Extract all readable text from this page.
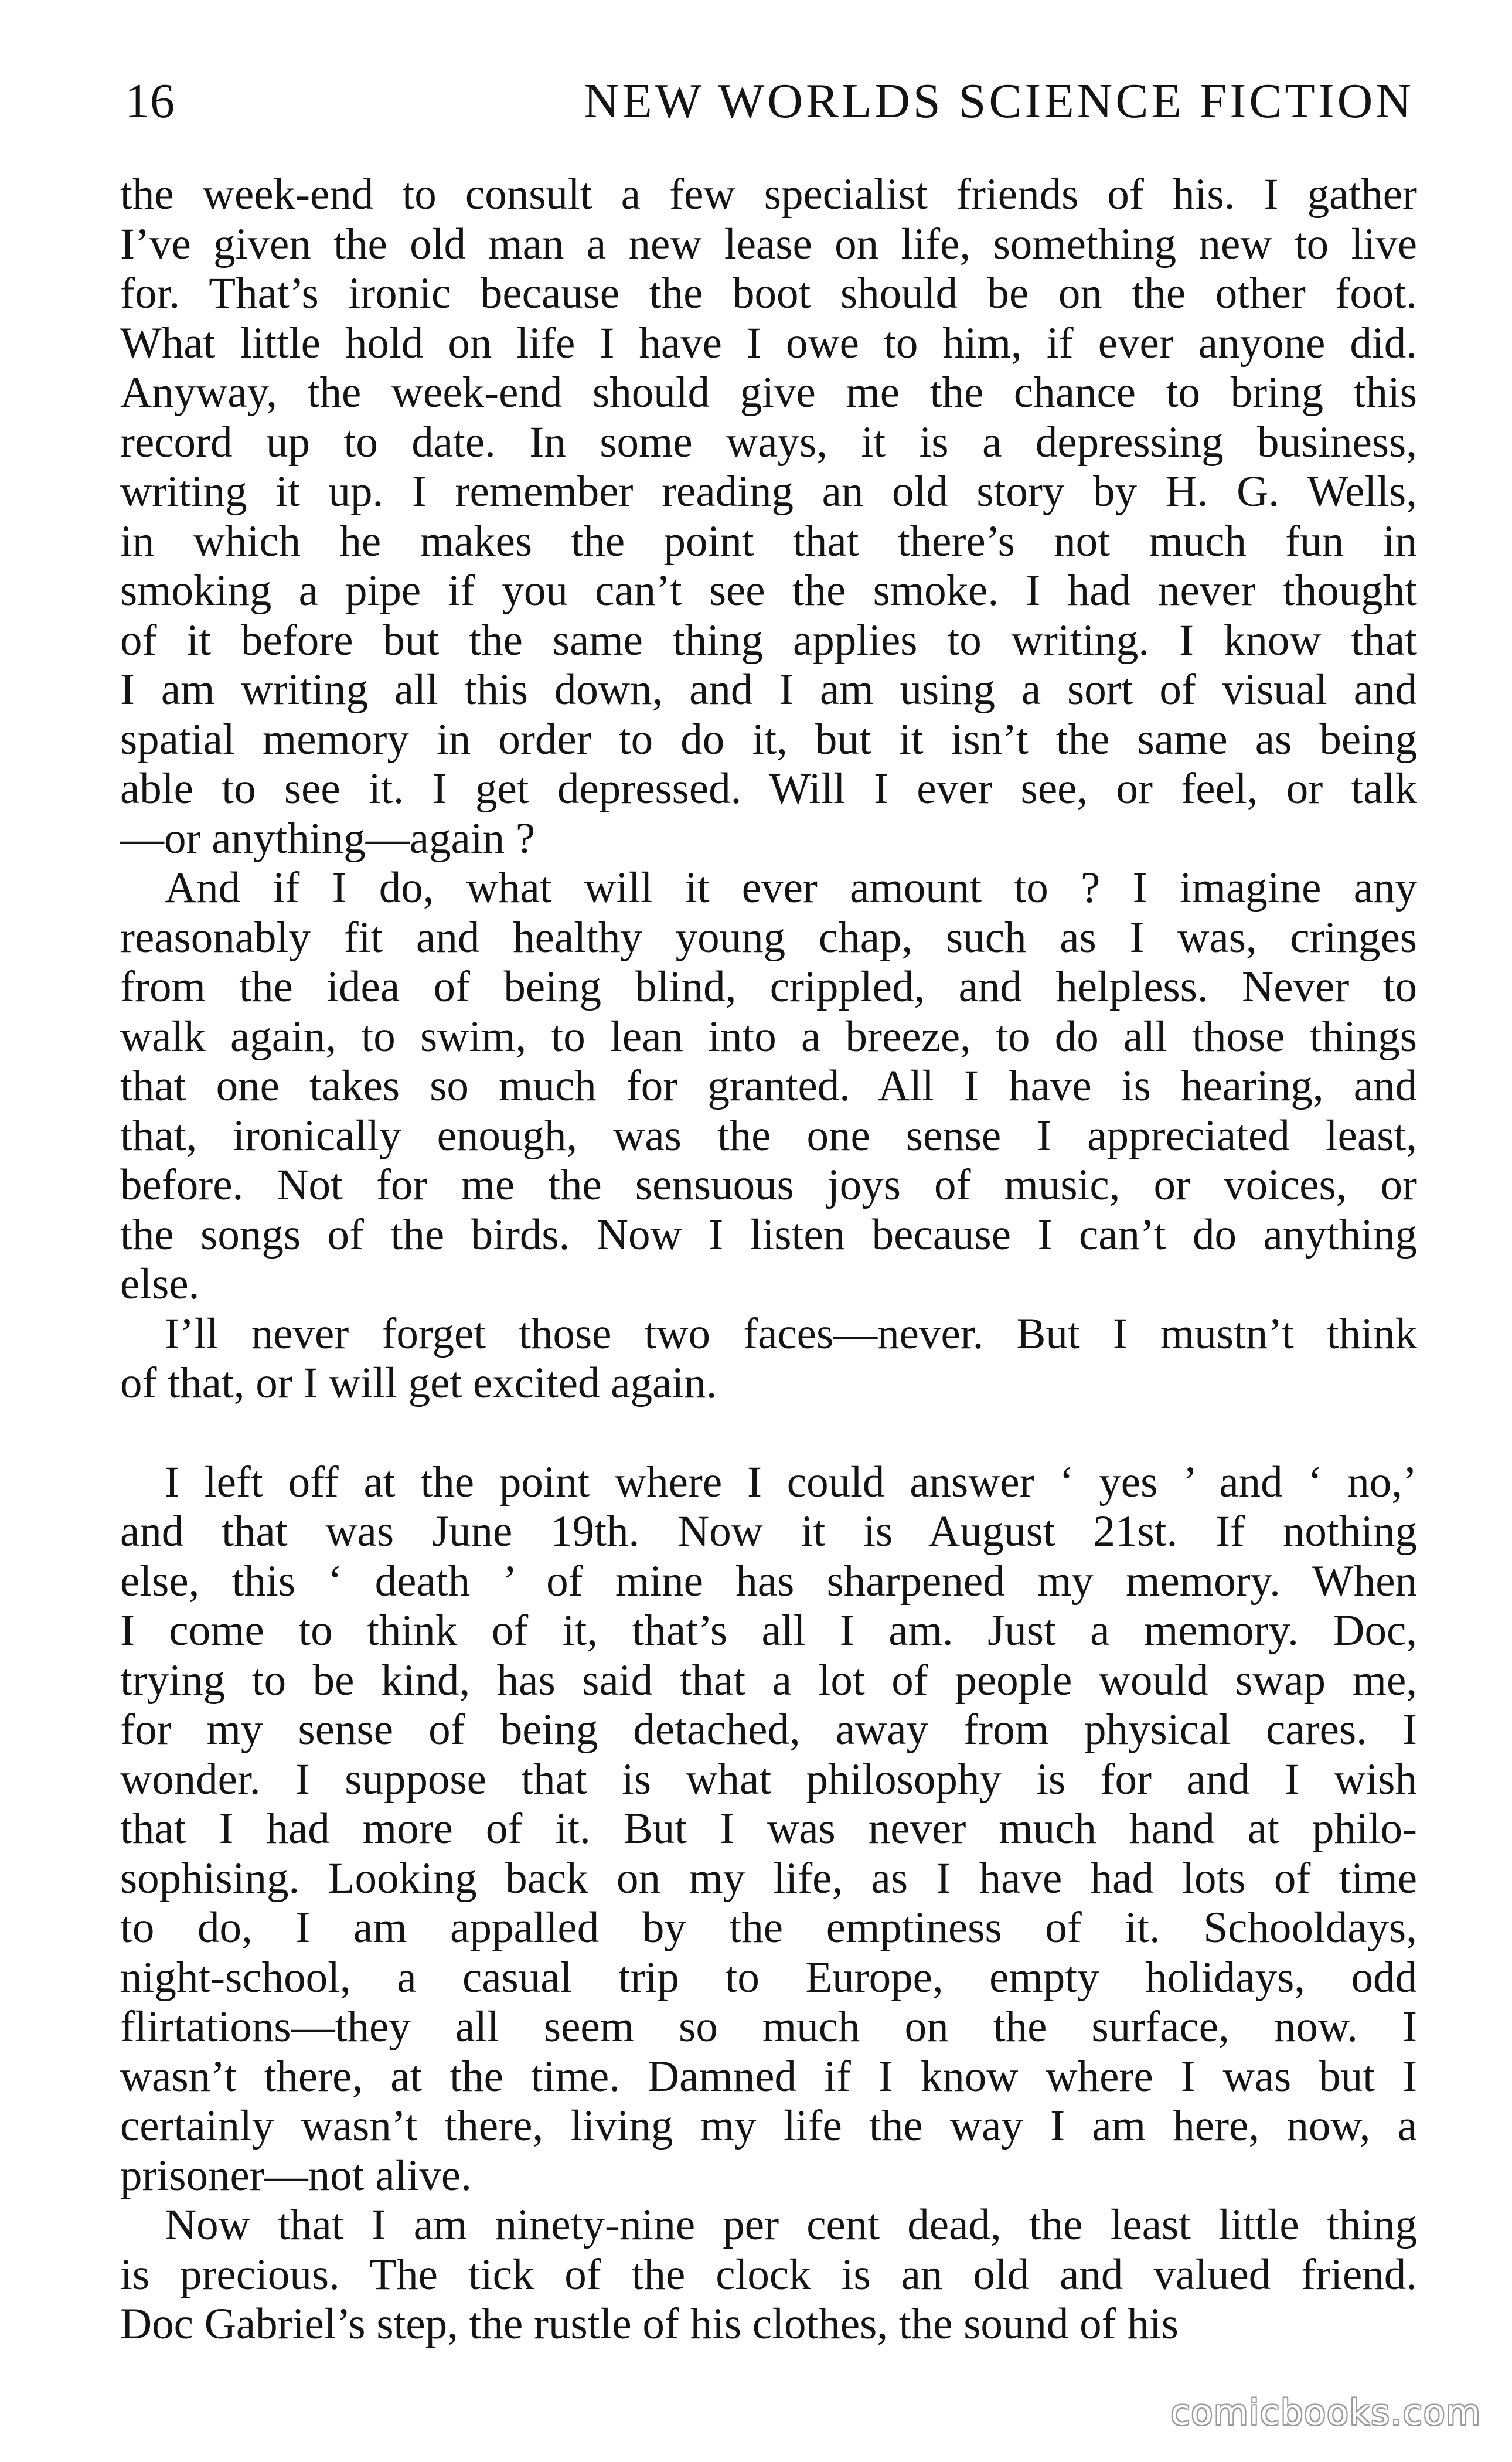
16	NEW WORLDS SCIENCE FICTION
the week-end to consult a few specialist friends of his. I gather
I’ve given the old man a new lease on life, something new to live
for. That’s ironic because the boot should be on the other foot.
What little hold on life I have I owe to him, if ever anyone did.
Anyway, the week-end should give me the chance to bring this
record up to date. In some ways, it is a depressing business,
writing it up. I remember reading an old story by H. G. Wells,
in which he makes the point that there’s not much fun in
smoking a pipe if you can’t see the smoke. I had never thought
of it before but the same thing applies to writing. I know that
I am writing all this down, and I am using a sort of visual and
spatial memory in order to do it, but it isn’t the same as being
able to see it. I get depressed. Will I ever see, or feel, or talk
—or anything—again ?
And if I do, what will it ever amount to ? I imagine any
reasonably fit and healthy young chap, such as I was, cringes
from the idea of being blind, crippled, and helpless. Never to
walk again, to swim, to lean into a breeze, to do all those things
that one takes so much for granted. All I have is hearing, and
that, ironically enough, was the one sense I appreciated least,
before. Not for me the sensuous joys of music, or voices, or
the songs of the birds. Now I listen because I can’t do anything
else.
I’ll never forget those two faces—never. But I mustn’t think
of that, or I will get excited again.
I left off at the point where I could answer ‘ yes ’ and ‘ no,’
and that was June 19th. Now it is August 21st. If nothing
else, this ‘ death ’ of mine has sharpened my memory. When
I come to think of it, that’s all I am. Just a memory. Doc,
trying to be kind, has said that a lot of people would swap me,
for my sense of being detached, away from physical cares. I
wonder. I suppose that is what philosophy is for and I wish
that I had more of it. But I was never much hand at philo-
sophising. Looking back on my life, as I have had lots of time
to do, I am appalled by the emptiness of it. Schooldays,
night-school, a casual trip to Europe, empty holidays, odd
flirtations—they all seem so much on the surface, now. I
wasn’t there, at the time. Damned if I know where I was but I
certainly wasn’t there, living my life the way I am here, now, a
prisoner—not alive.
Now that I am ninety-nine per cent dead, the least little thing
is precious. The tick of the clock is an old and valued friend.
Doc Gabriel’s step, the rustle of his clothes, the sound of his
comicbooks.com
